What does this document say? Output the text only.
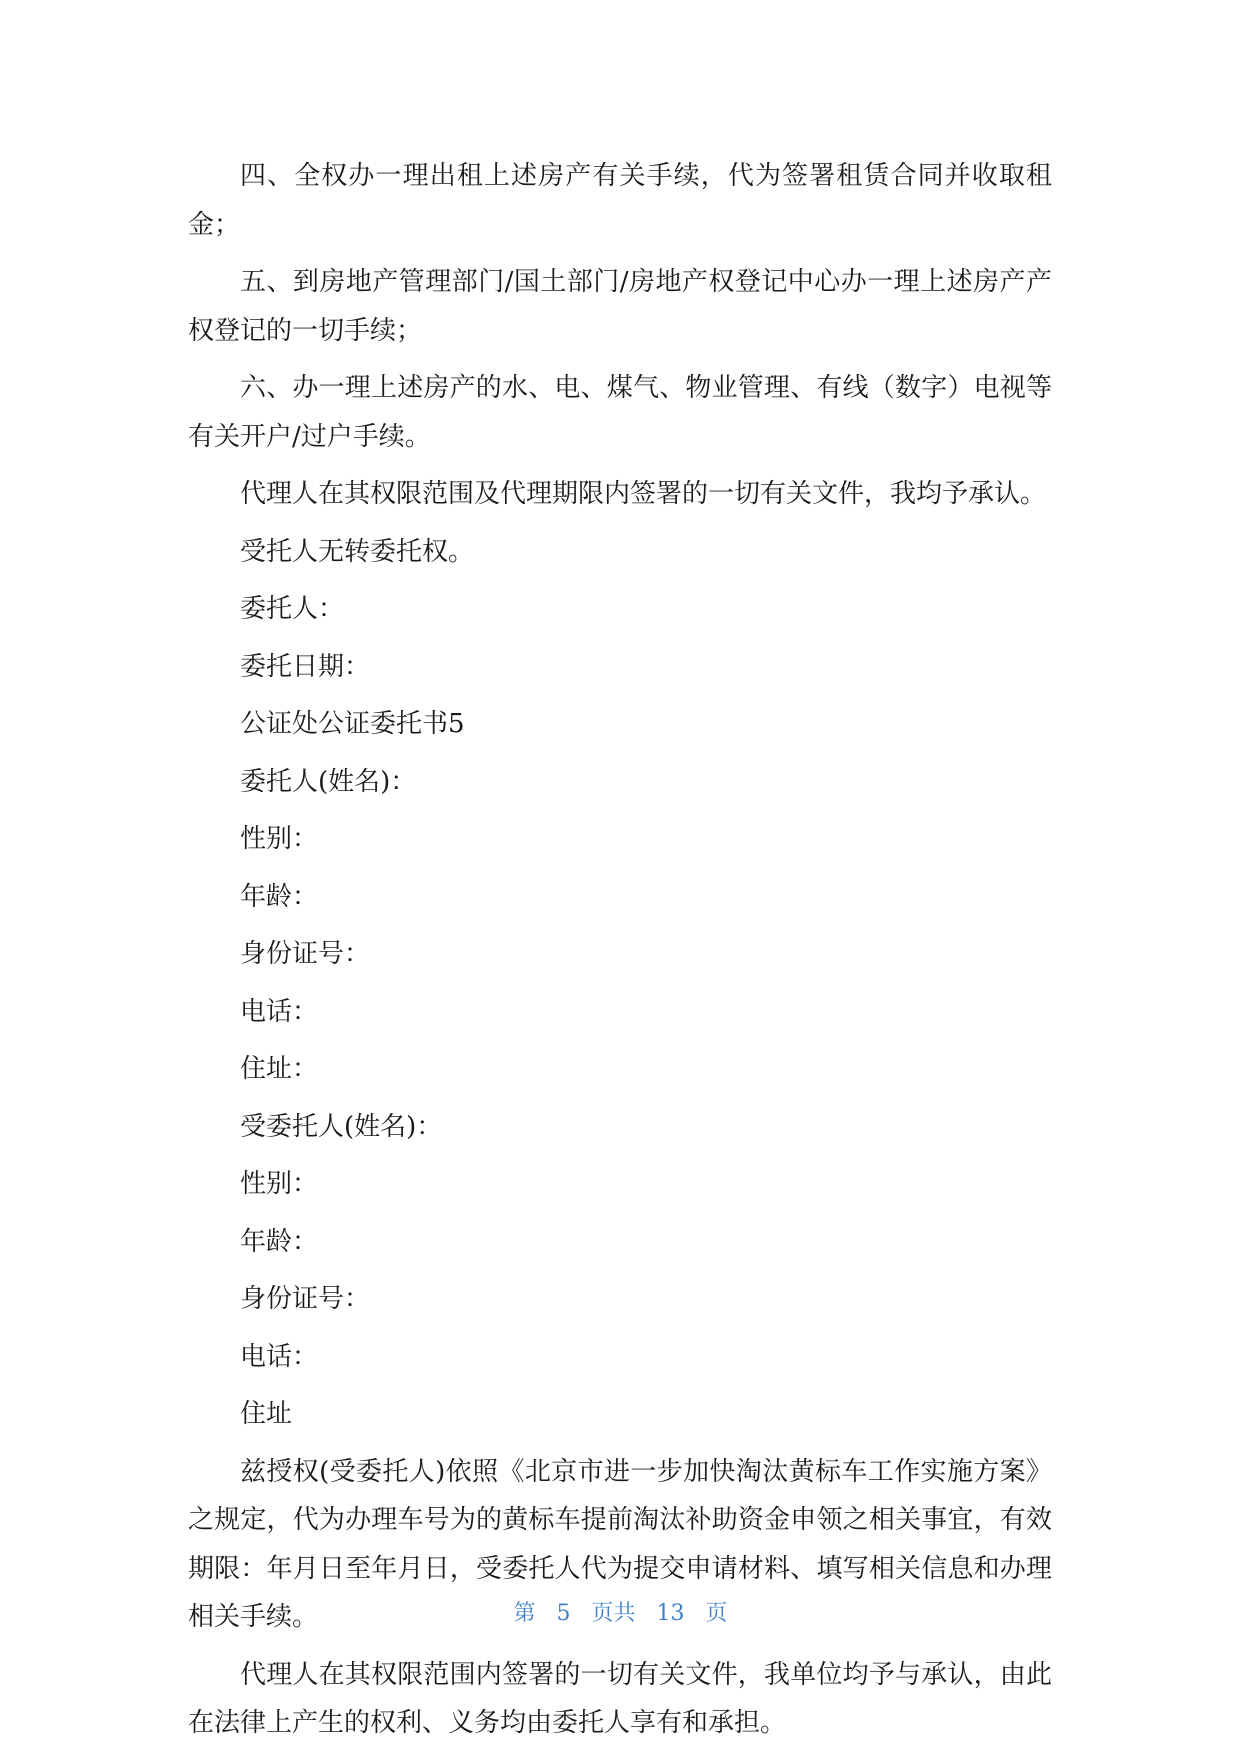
四、全权办一理出租上述房产有关手续，代为签署租赁合同并收取租金；

五、到房地产管理部门/国土部门/房地产权登记中心办一理上述房产产权登记的一切手续；

六、办一理上述房产的水、电、煤气、物业管理、有线（数字）电视等有关开户/过户手续。

代理人在其权限范围及代理期限内签署的一切有关文件，我均予承认。

受托人无转委托权。

委托人：

委托日期：

公证处公证委托书5

委托人(姓名)：

性别：

年龄：

身份证号：

电话：

住址：

受委托人(姓名)：

性别：

年龄：

身份证号：

电话：

住址

兹授权(受委托人)依照《北京市进一步加快淘汰黄标车工作实施方案》之规定，代为办理车号为的黄标车提前淘汰补助资金申领之相关事宜，有效期限：年月日至年月日，受委托人代为提交申请材料、填写相关信息和办理相关手续。

代理人在其权限范围内签署的一切有关文件，我单位均予与承认，由此在法律上产生的权利、义务均由委托人享有和承担。

第 5 页共 13 页
